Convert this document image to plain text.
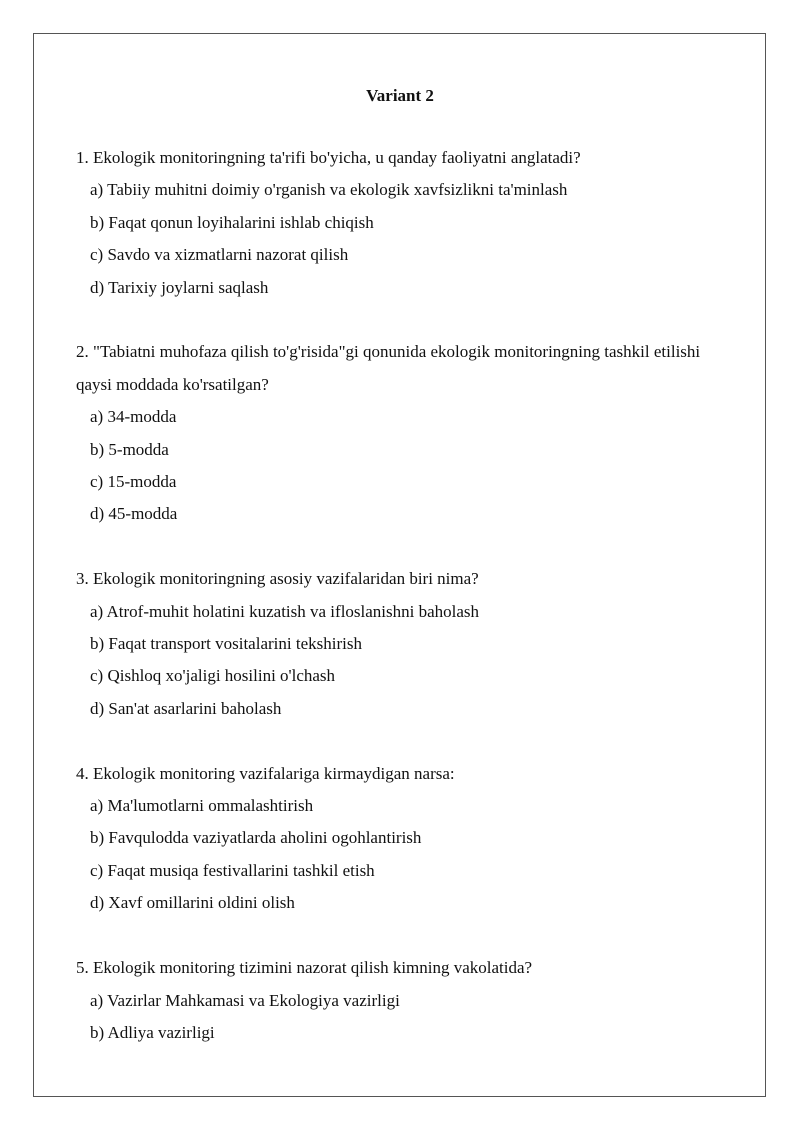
Variant 2

1. Ekologik monitoringning ta'rifi bo'yicha, u qanday faoliyatni anglatadi?

a) Tabiiy muhitni doimiy o'rganish va ekologik xavfsizlikni ta'minlash
b) Faqat qonun loyihalarini ishlab chiqish
c) Savdo va xizmatlarni nazorat qilish
d) Tarixiy joylarni saqlash

2. "Tabiatni muhofaza qilish to'g'risida"gi qonunida ekologik monitoringning tashkil etilishi qaysi moddada ko'rsatilgan?

a) 34-modda
b) 5-modda
c) 15-modda
d) 45-modda

3. Ekologik monitoringning asosiy vazifalaridan biri nima?

a) Atrof-muhit holatini kuzatish va ifloslanishni baholash
b) Faqat transport vositalarini tekshirish
c) Qishloq xo'jaligi hosilini o'lchash
d) San'at asarlarini baholash

4. Ekologik monitoring vazifalariga kirmaydigan narsa:

a) Ma'lumotlarni ommalashtirish
b) Favqulodda vaziyatlarda aholini ogohlantirish
c) Faqat musiqa festivallarini tashkil etish
d) Xavf omillarini oldini olish

5. Ekologik monitoring tizimini nazorat qilish kimning vakolatida?

a) Vazirlar Mahkamasi va Ekologiya vazirligi
b) Adliya vazirligi
